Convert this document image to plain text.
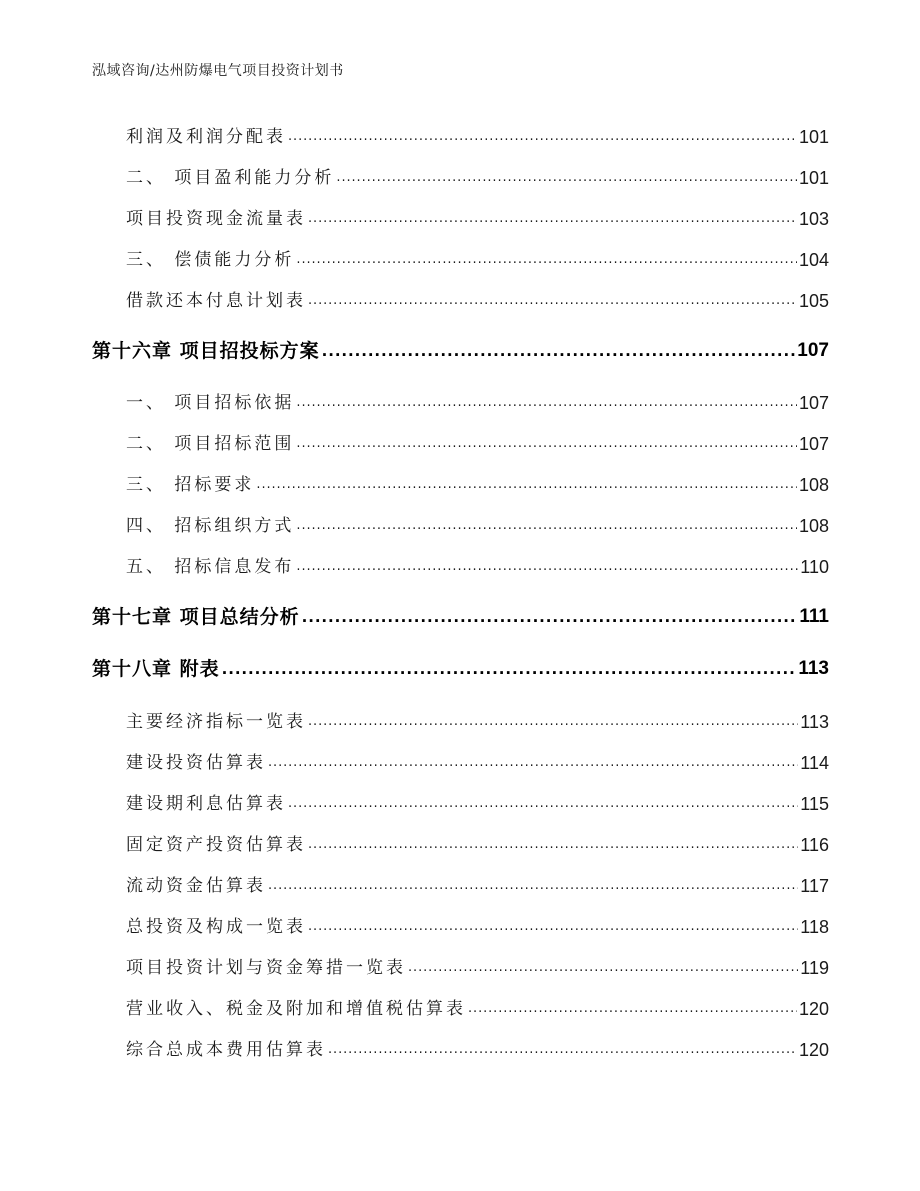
泓域咨询/达州防爆电气项目投资计划书
利润及利润分配表 .....	101
二、 项目盈利能力分析 .....	101
项目投资现金流量表 .....	103
三、 偿债能力分析 .....	104
借款还本付息计划表 .....	105
第十六章 项目招投标方案 .....	107
一、 项目招标依据 .....	107
二、 项目招标范围 .....	107
三、 招标要求 .....	108
四、 招标组织方式 .....	108
五、 招标信息发布 .....	110
第十七章 项目总结分析 .....	111
第十八章 附表 .....	113
主要经济指标一览表 .....	113
建设投资估算表 .....	114
建设期利息估算表 .....	115
固定资产投资估算表 .....	116
流动资金估算表 .....	117
总投资及构成一览表 .....	118
项目投资计划与资金筹措一览表 .....	119
营业收入、税金及附加和增值税估算表 .....	120
综合总成本费用估算表 .....	120
